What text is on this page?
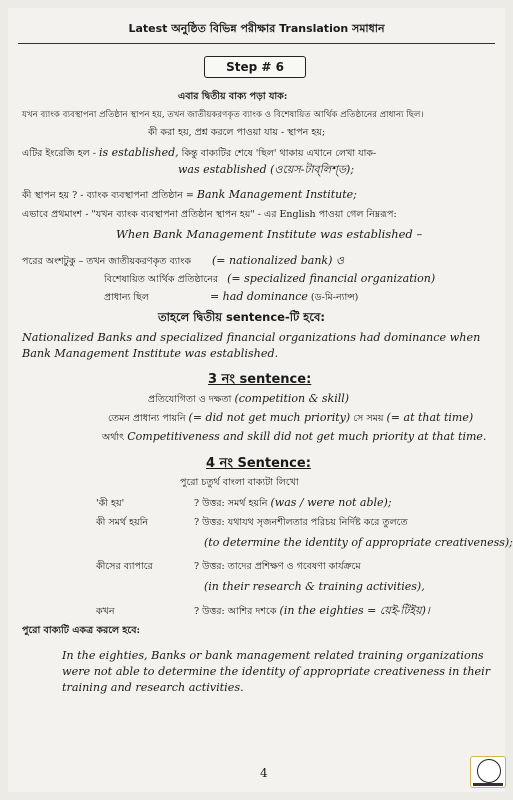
Latest অনুষ্ঠিত বিভিন্ন পরীক্ষার Translation সমাধান
Step # 6
এবার দ্বিতীয় বাক্য পড়া যাক:
যখন ব্যাংক ব্যবস্থাপনা প্রতিষ্ঠান স্থাপন হয়, তখন জাতীয়করণকৃত ব্যাংক ও বিশেষায়িত আর্থিক প্রতিষ্ঠানের প্রাধান্য ছিল।
কী করা হয়, প্রশ্ন করলে পাওয়া যায় - স্থাপন হয়;
এটির ইংরেজি হল - is established, কিন্তু বাক্যটির শেষে 'ছিল' থাকায় এখানে লেখা যাক-
was established (ওয়েস-টাব্‌লিশ্‌ড);
কী স্থাপন হয় ? - ব্যাংক ব্যবস্থাপনা প্রতিষ্ঠান = Bank Management Institute;
এভাবে প্রথমাংশ - "যখন ব্যাংক ব্যবস্থাপনা প্রতিষ্ঠান স্থাপন হয়" - এর English পাওয়া গেল নিম্নরূপ:
When Bank Management Institute was established –
পরের অংশটুকু – তখন জাতীয়করণকৃত ব্যাংক (= nationalized bank) ও
বিশেষায়িত আর্থিক প্রতিষ্ঠানের (= specialized financial organization)
প্রাধান্য ছিল	= had dominance (ড-মি-ন্যান্স)
তাহলে দ্বিতীয় sentence-টি হবে:
Nationalized Banks and specialized financial organizations had dominance when Bank Management Institute was established.
3 নং sentence:
প্রতিযোগিতা ও দক্ষতা (competition & skill)
তেমন প্রাধান্য পায়নি (= did not get much priority) সে সময় (= at that time)
অর্থাৎ Competitiveness and skill did not get much priority at that time.
4 নং Sentence:
পুরো চতুর্থ বাংলা বাক্যটা লিখো
'কী হয়'	? উত্তর: সমর্থ হয়নি (was / were not able);
কী সমর্থ হয়নি	? উত্তর: যথাযথ সৃজনশীলতার পরিচয় নির্দিষ্ট করে তুলতে
(to determine the identity of appropriate creativeness);
কীসের ব্যাপারে	? উত্তর: তাদের প্রশিক্ষণ ও গবেষণা কার্যক্রমে
(in their research & training activities),
কখন	? উত্তর: আশির দশকে (in the eighties = য়েই-টিইয়)।
পুরো বাক্যটি একত্র করলে হবে:
In the eighties, Banks or bank management related training organizations were not able to determine the identity of appropriate creativeness in their training and research activities.
4
